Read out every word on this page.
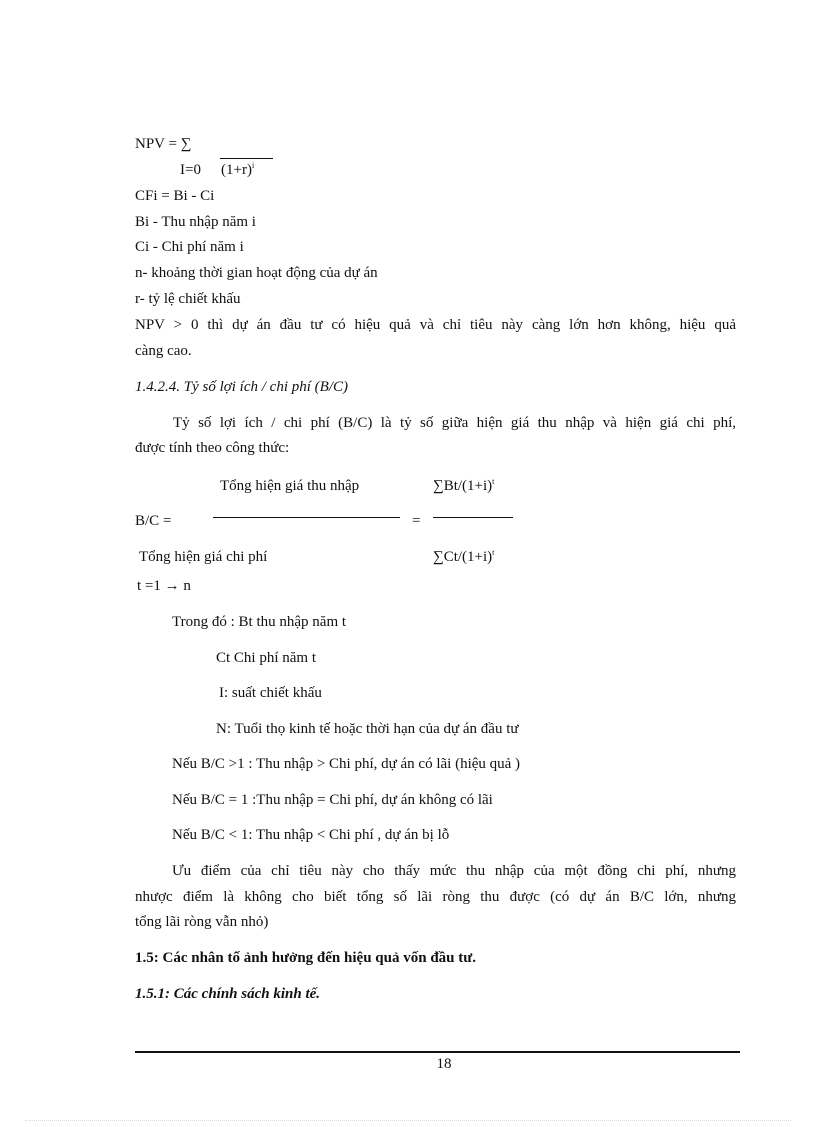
NPV = ∑
I=0 $(1+r)^i$
CFi = Bi - Ci
Bi - Thu nhập năm i
Ci - Chi phí năm i
n- khoảng thời gian hoạt động của dự án
r- tỷ lệ chiết khấu
NPV > 0 thì dự án đầu tư có hiệu quả và chỉ tiêu này càng lớn hơn không, hiệu quả
càng cao.
1.4.2.4. Tỷ số lợi ích / chi phí (B/C)
Tỷ số lợi ích / chi phí (B/C) là tỷ số giữa hiện giá thu nhập và hiện giá chi phí,
được tính theo công thức:
Tổng hiện giá thu nhập	$\sum Bt/(1+i)^t$
B/C =	=
Tổng hiện giá chi phí	$\sum Ct/(1+i)^t$
t =1 → n
Trong đó : Bt thu nhập năm t
Ct Chi phí năm t
I: suất chiết khấu
N: Tuổi thọ kinh tế hoặc thời hạn của dự án đầu tư
Nếu B/C >1 : Thu nhập > Chi phí, dự án có lãi (hiệu quả )
Nếu B/C = 1 :Thu nhập = Chi phí, dự án không có lãi
Nếu B/C < 1: Thu nhập < Chi phí , dự án bị lỗ
Ưu điểm của chỉ tiêu này cho thấy mức thu nhập của một đồng chi phí, nhưng
nhược điểm là không cho biết tổng số lãi ròng thu được (có dự án B/C lớn, nhưng
tổng lãi ròng vẫn nhỏ)
1.5: Các nhân tố ảnh hưởng đến hiệu quả vốn đầu tư.
1.5.1: Các chính sách kinh tế.
18
